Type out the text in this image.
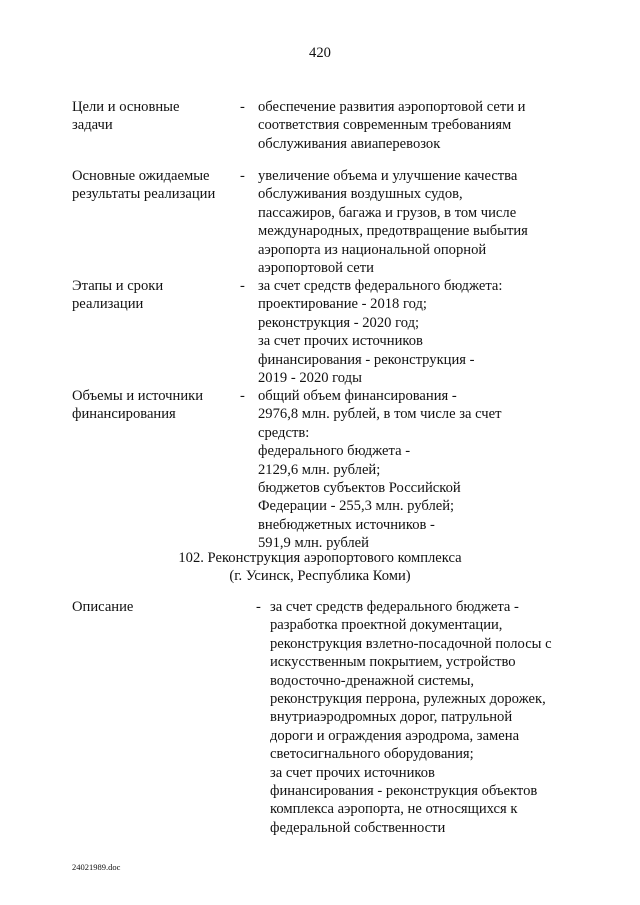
420
Цели и основные
задачи
- обеспечение развития аэропортовой сети и
соответствия современным требованиям
обслуживания авиаперевозок
Основные ожидаемые
результаты реализации
- увеличение объема и улучшение качества
обслуживания воздушных судов,
пассажиров, багажа и грузов, в том числе
международных, предотвращение выбытия
аэропорта из национальной опорной
аэропортовой сети
Этапы и сроки
реализации
- за счет средств федерального бюджета:
проектирование - 2018 год;
реконструкция - 2020 год;
за счет прочих источников
финансирования - реконструкция -
2019 - 2020 годы
Объемы и источники
финансирования
- общий объем финансирования -
2976,8 млн. рублей, в том числе за счет
средств:
федерального бюджета -
2129,6 млн. рублей;
бюджетов субъектов Российской
Федерации - 255,3 млн. рублей;
внебюджетных источников -
591,9 млн. рублей
102. Реконструкция аэропортового комплекса
(г. Усинск, Республика Коми)
Описание	- за счет средств федерального бюджета -
разработка проектной документации,
реконструкция взлетно-посадочной полосы с
искусственным покрытием, устройство
водосточно-дренажной системы,
реконструкция перрона, рулежных дорожек,
внутриаэродромных дорог, патрульной
дороги и ограждения аэродрома, замена
светосигнального оборудования;
за счет прочих источников
финансирования - реконструкция объектов
комплекса аэропорта, не относящихся к
федеральной собственности
24021989.doc
